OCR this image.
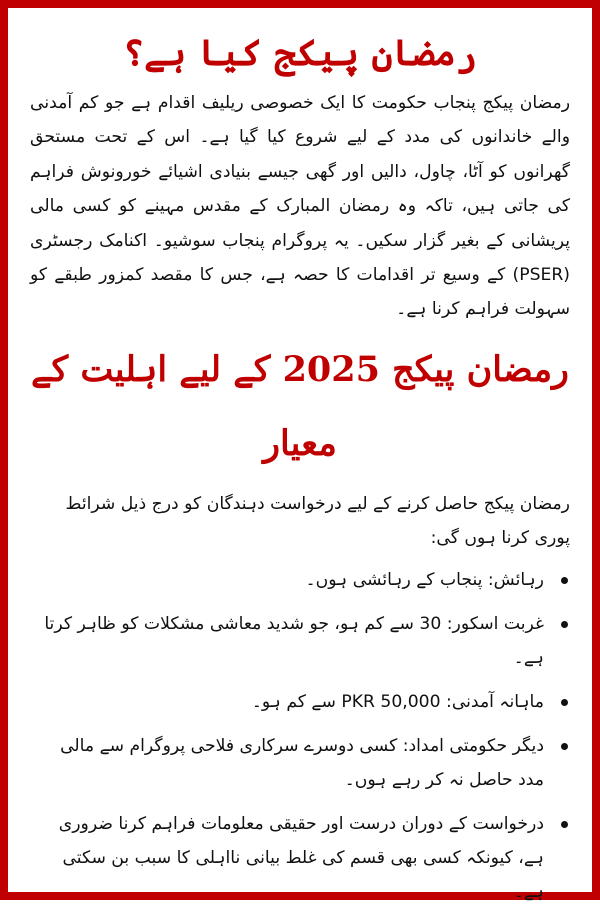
رمضان پیکج کیا ہے؟

رمضان پیکج پنجاب حکومت کا ایک خصوصی ریلیف اقدام ہے جو کم آمدنی والے خاندانوں کی مدد کے لیے شروع کیا گیا ہے۔ اس کے تحت مستحق گھرانوں کو آٹا، چاول، دالیں اور گھی جیسے بنیادی اشیائے خورونوش فراہم کی جاتی ہیں، تاکہ وہ رمضان المبارک کے مقدس مہینے کو کسی مالی پریشانی کے بغیر گزار سکیں۔ یہ پروگرام پنجاب سوشیو۔ اکنامک رجسٹری (PSER) کے وسیع تر اقدامات کا حصہ ہے، جس کا مقصد کمزور طبقے کو سہولت فراہم کرنا ہے۔

رمضان پیکج 2025 کے لیے اہلیت کے معیار

رمضان پیکج حاصل کرنے کے لیے درخواست دہندگان کو درج ذیل شرائط پوری کرنا ہوں گی:

رہائش: پنجاب کے رہائشی ہوں۔
غربت اسکور: 30 سے کم ہو، جو شدید معاشی مشکلات کو ظاہر کرتا ہے۔
ماہانہ آمدنی: PKR 50,000 سے کم ہو۔
دیگر حکومتی امداد: کسی دوسرے سرکاری فلاحی پروگرام سے مالی مدد حاصل نہ کر رہے ہوں۔
درخواست کے دوران درست اور حقیقی معلومات فراہم کرنا ضروری ہے، کیونکہ کسی بھی قسم کی غلط بیانی نااہلی کا سبب بن سکتی ہے۔
